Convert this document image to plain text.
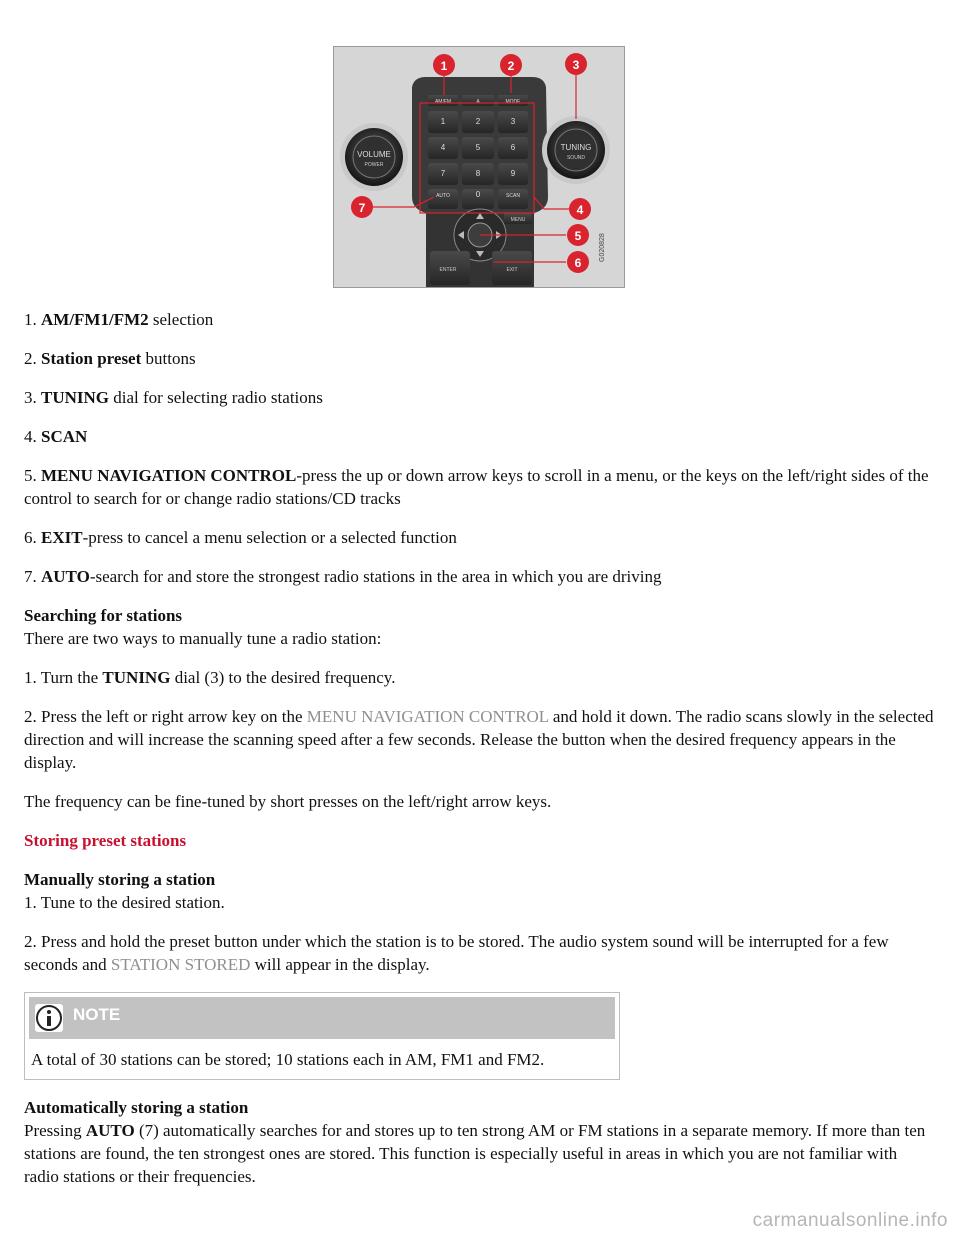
VOLUME
POWER
TUNING
SOUND
AM/FM	A	MODE
1	2	3
4	5	6
7	8	9
AUTO	0	SCAN
MENU
ENTER	EXIT
G020828
1	2	3
4
5
6
7

1. AM/FM1/FM2 selection

2. Station preset buttons

3. TUNING dial for selecting radio stations

4. SCAN

5. MENU NAVIGATION CONTROL-press the up or down arrow keys to scroll in a menu, or the keys on the left/right sides of the control to search for or change radio stations/CD tracks

6. EXIT-press to cancel a menu selection or a selected function

7. AUTO-search for and store the strongest radio stations in the area in which you are driving

Searching for stations

There are two ways to manually tune a radio station:

1. Turn the TUNING dial (3) to the desired frequency.

2. Press the left or right arrow key on the MENU NAVIGATION CONTROL and hold it down. The radio scans slowly in the selected direction and will increase the scanning speed after a few seconds. Release the button when the desired frequency appears in the display.

The frequency can be fine-tuned by short presses on the left/right arrow keys.

Storing preset stations

Manually storing a station

1. Tune to the desired station.

2. Press and hold the preset button under which the station is to be stored. The audio system sound will be interrupted for a few seconds and STATION STORED will appear in the display.

NOTE
A total of 30 stations can be stored; 10 stations each in AM, FM1 and FM2.

Automatically storing a station

Pressing AUTO (7) automatically searches for and stores up to ten strong AM or FM stations in a separate memory. If more than ten stations are found, the ten strongest ones are stored. This function is especially useful in areas in which you are not familiar with radio stations or their frequencies.

carmanualsonline.info
